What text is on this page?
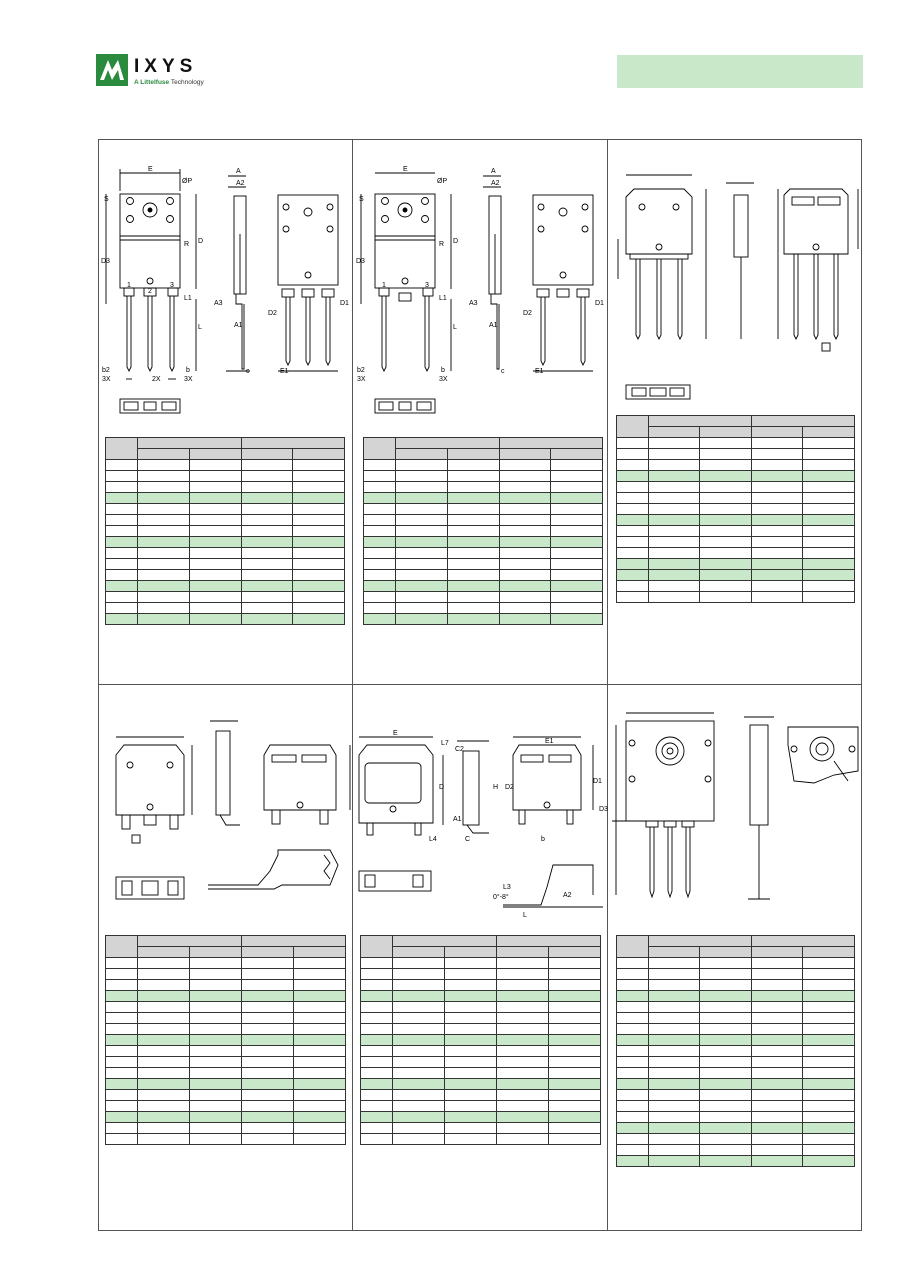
IXYS
A Littelfuse Technology
E
ØP
A
A2
S
D
R
D3
L1
L
A3
A1
b2
3X	2X
b
3X
c
1
2
3
D2
D1
E1

E
ØP
A
A2
S
D
R
D3
L1
L
A3
A1
b2
3X
b
3X
c
1	3
D2
D1
E1

E
L7
C2
D	H D2
D1
D3
A1
L4	C	b
E1
L3
0°-8°
L
A2
